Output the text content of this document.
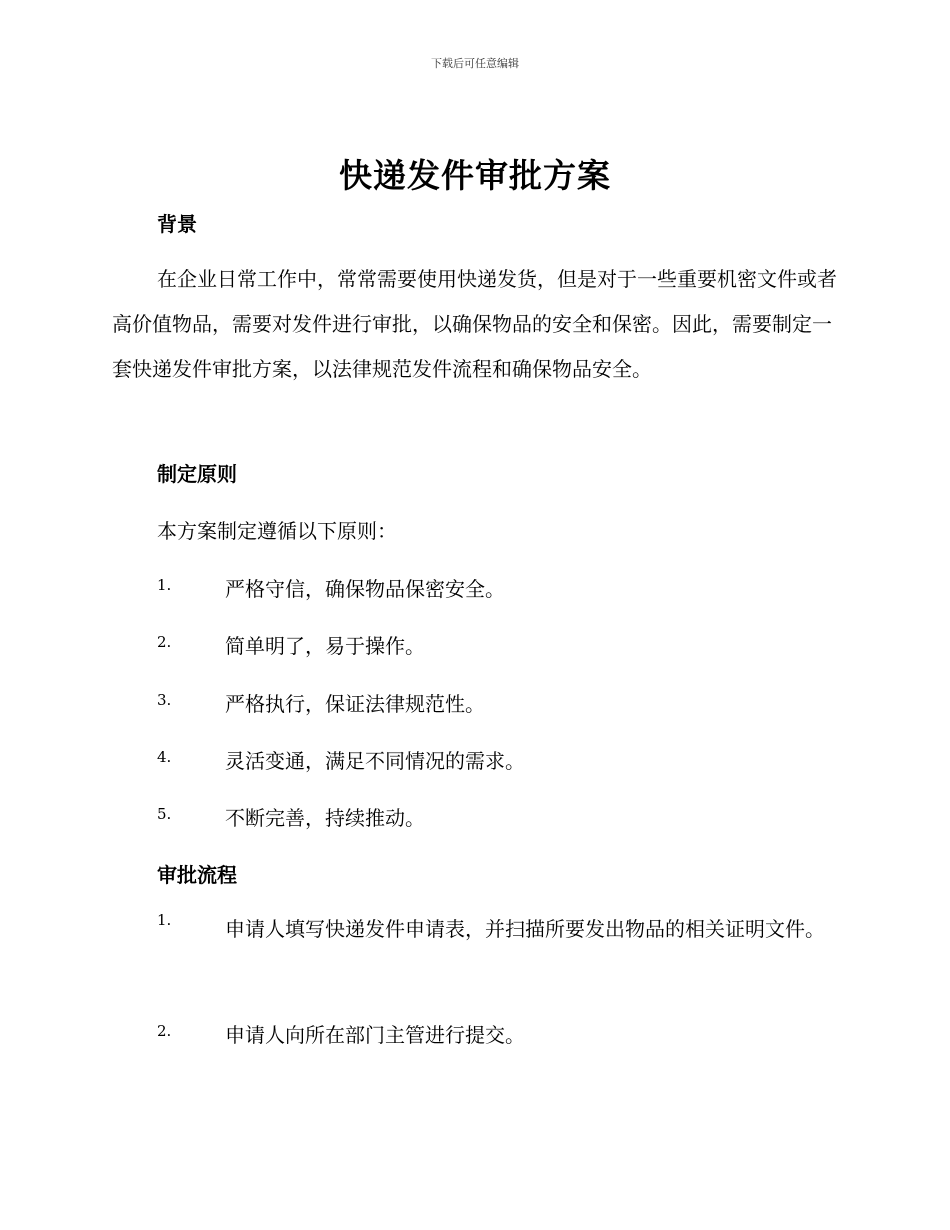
下载后可任意编辑
快递发件审批方案
背景
在企业日常工作中，常常需要使用快递发货，但是对于一些重要机密文件或者高价值物品，需要对发件进行审批，以确保物品的安全和保密。因此，需要制定一套快递发件审批方案，以法律规范发件流程和确保物品安全。
制定原则
本方案制定遵循以下原则：
1.	严格守信，确保物品保密安全。
2.	简单明了，易于操作。
3.	严格执行，保证法律规范性。
4.	灵活变通，满足不同情况的需求。
5.	不断完善，持续推动。
审批流程
1.	申请人填写快递发件申请表，并扫描所要发出物品的相关证明文件。
2.	申请人向所在部门主管进行提交。
